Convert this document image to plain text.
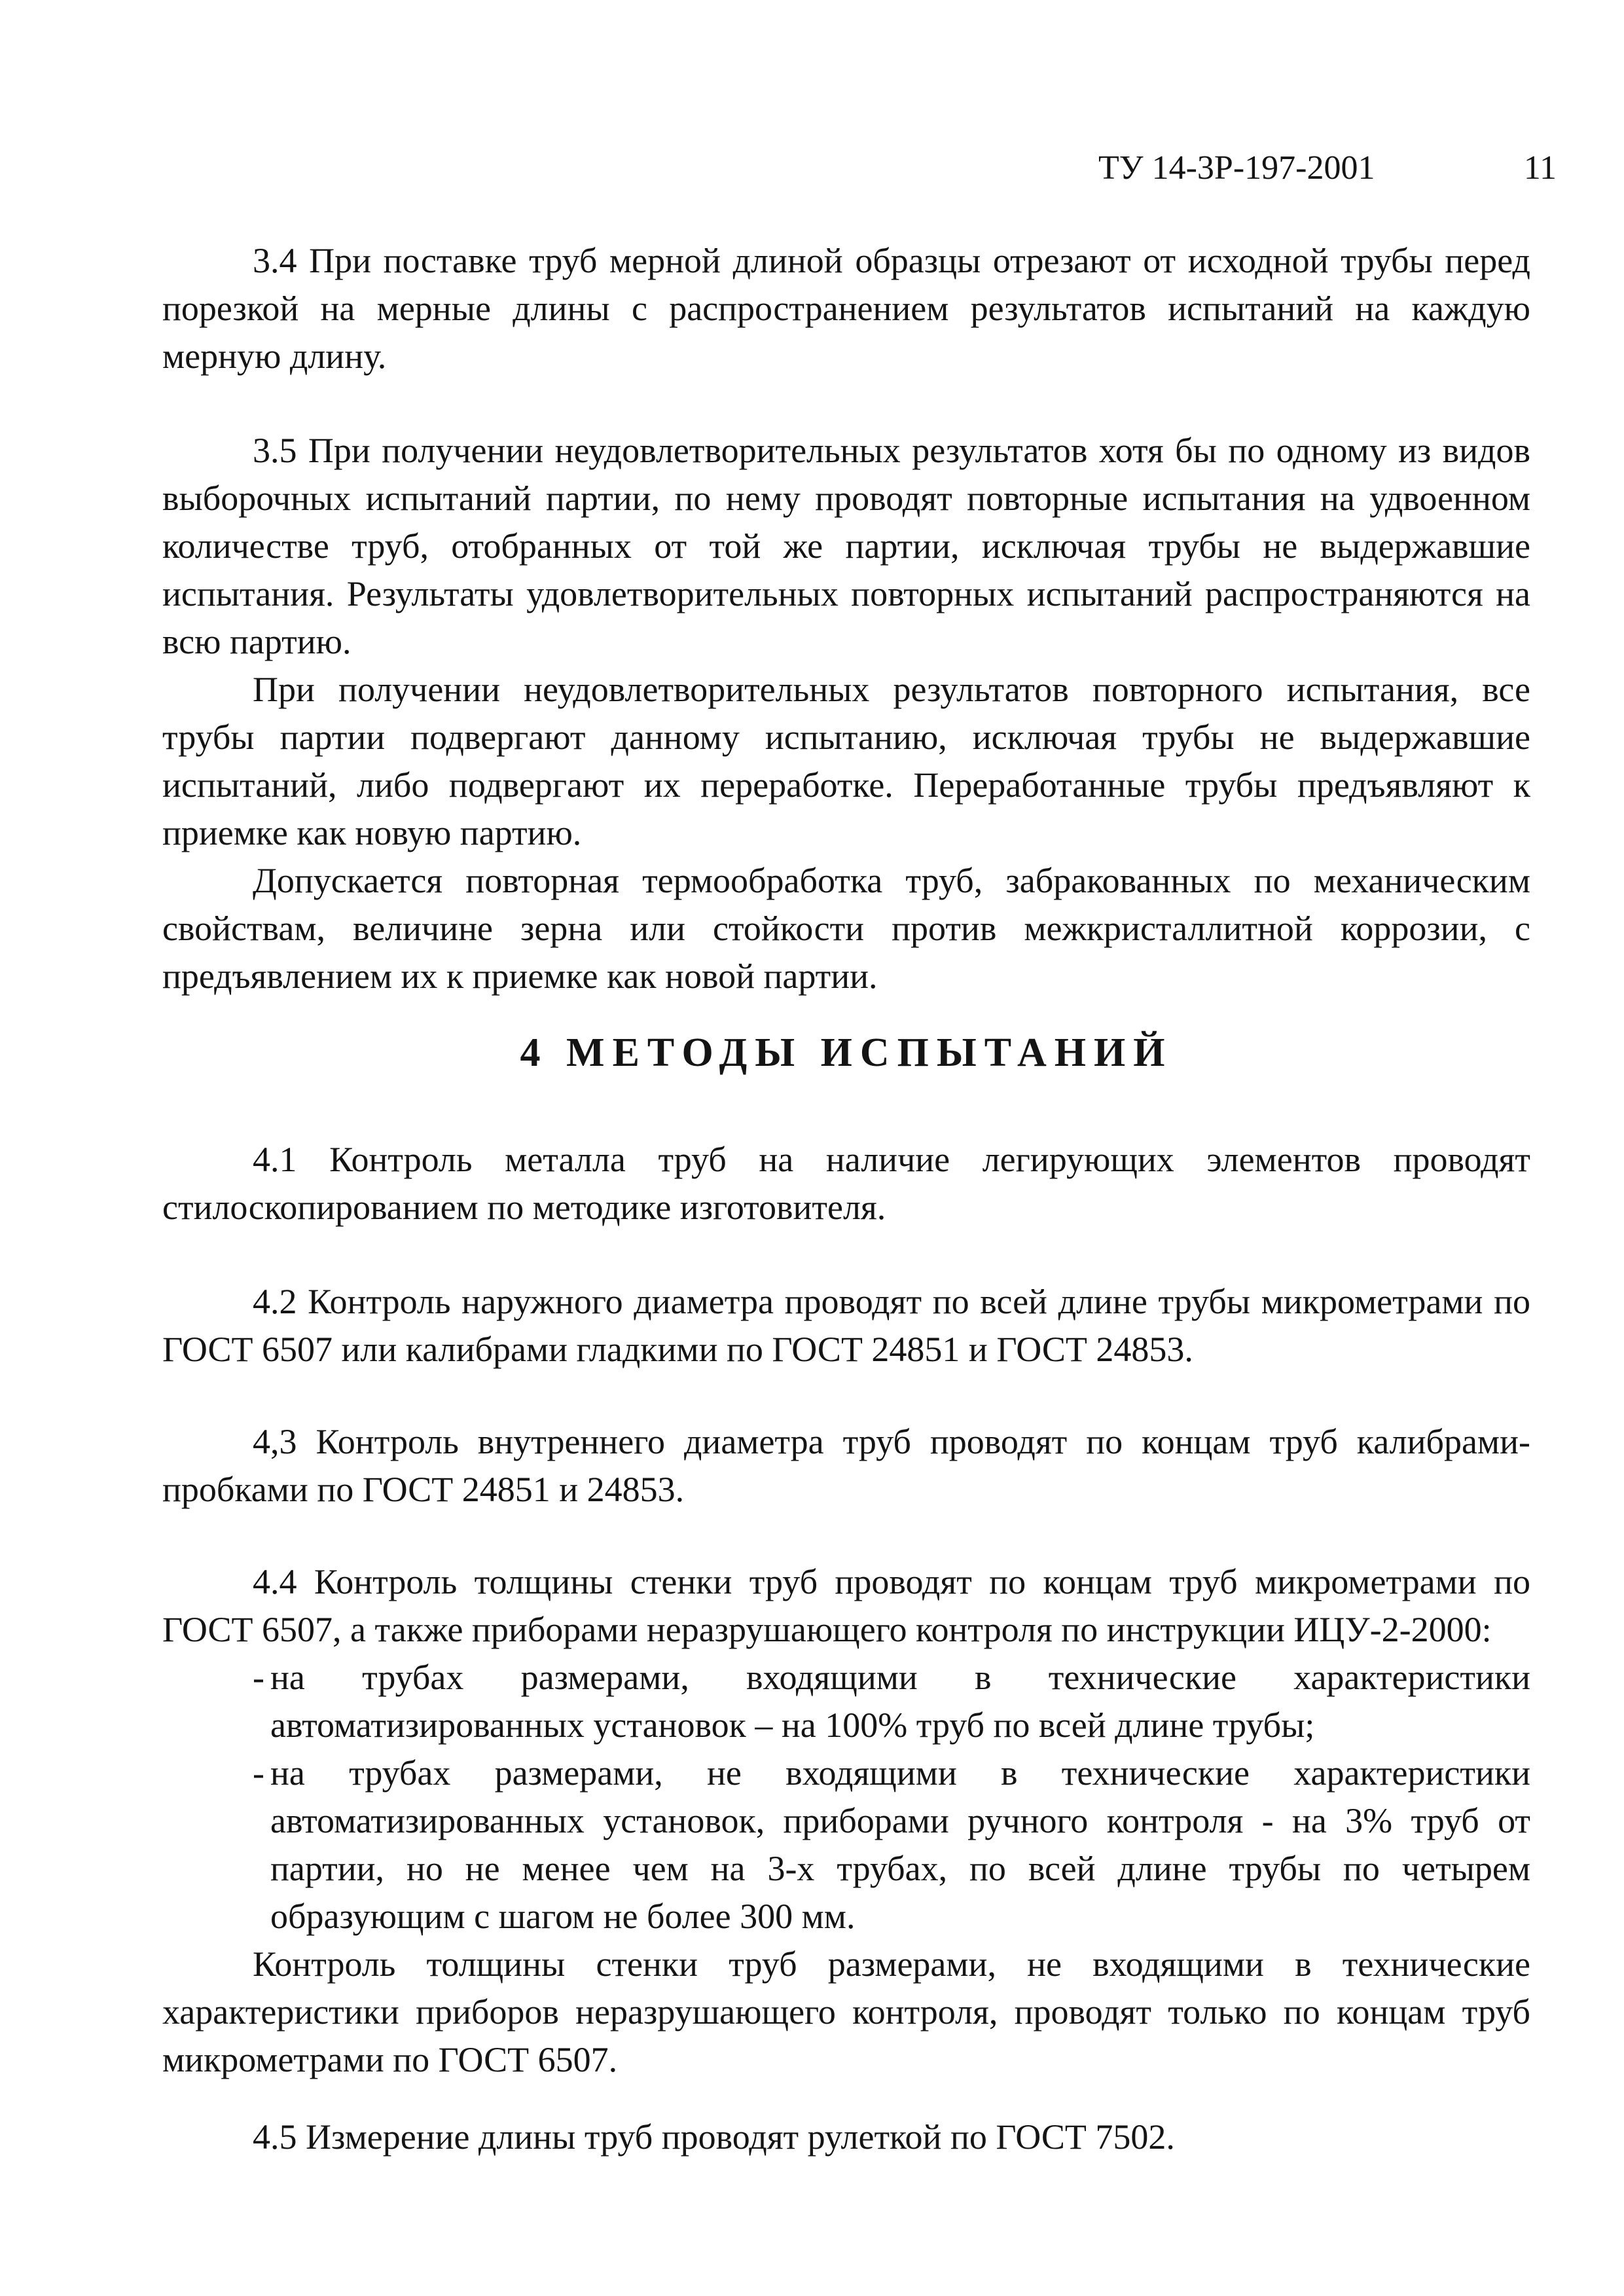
ТУ 14-3Р-197-2001	11

3.4 При поставке труб мерной длиной образцы отрезают от исходной трубы перед порезкой на мерные длины с распространением результатов испытаний на каждую мерную длину.

3.5 При получении неудовлетворительных результатов хотя бы по одному из видов выборочных испытаний партии, по нему проводят повторные испытания на удвоенном количестве труб, отобранных от той же партии, исключая трубы не выдержавшие испытания. Результаты удовлетворительных повторных испытаний распространяются на всю партию.

При получении неудовлетворительных результатов повторного испытания, все трубы партии подвергают данному испытанию, исключая трубы не выдержавшие испытаний, либо подвергают их переработке. Переработанные трубы предъявляют к приемке как новую партию.

Допускается повторная термообработка труб, забракованных по механическим свойствам, величине зерна или стойкости против межкристаллитной коррозии, с предъявлением их к приемке как новой партии.

4 МЕТОДЫ ИСПЫТАНИЙ

4.1 Контроль металла труб на наличие легирующих элементов проводят стилоскопированием по методике изготовителя.

4.2 Контроль наружного диаметра проводят по всей длине трубы микрометрами по ГОСТ 6507 или калибрами гладкими по ГОСТ 24851 и ГОСТ 24853.

4,3 Контроль внутреннего диаметра труб проводят по концам труб калибрами-пробками по ГОСТ 24851 и 24853.

4.4 Контроль толщины стенки труб проводят по концам труб микрометрами по ГОСТ 6507, а также приборами неразрушающего контроля по инструкции ИЦУ-2-2000:

- на трубах размерами, входящими в технические характеристики автоматизированных установок – на 100% труб по всей длине трубы;
- на трубах размерами, не входящими в технические характеристики автоматизированных установок, приборами ручного контроля - на 3% труб от партии, но не менее чем на 3-х трубах, по всей длине трубы по четырем образующим с шагом не более 300 мм.

Контроль толщины стенки труб размерами, не входящими в технические характеристики приборов неразрушающего контроля, проводят только по концам труб микрометрами по ГОСТ 6507.

4.5 Измерение длины труб проводят рулеткой по ГОСТ 7502.
